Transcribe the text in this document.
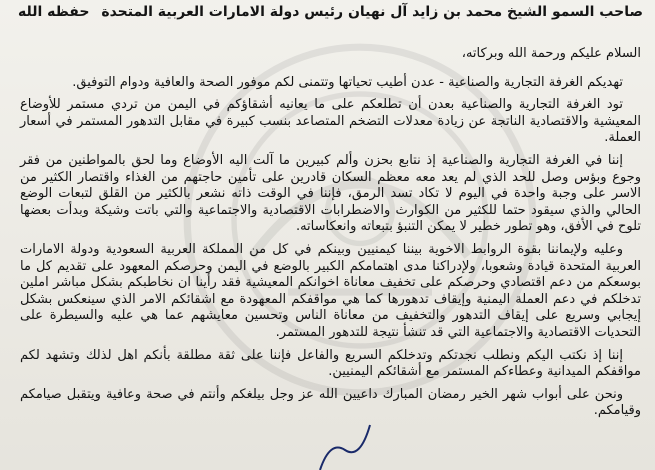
صاحب السمو الشيخ محمد بن زايد آل نهيان رئيس دولة الامارات العربية المتحدة
حفظه الله

السلام عليكم ورحمة الله وبركاته،

تهديكم الغرفة التجارية والصناعية - عدن أطيب تحياتها وتتمنى لكم موفور الصحة والعافية ودوام التوفيق.

تود الغرفة التجارية والصناعية بعدن أن تطلعكم على ما يعانيه أشقاؤكم في اليمن من تردي مستمر للأوضاع المعيشية والاقتصادية الناتجة عن زيادة معدلات التضخم المتصاعد بنسب كبيرة في مقابل التدهور المستمر في أسعار العملة.

إننا في الغرفة التجارية والصناعية إذ نتابع بحزن وألم كبيرين ما آلت اليه الأوضاع وما لحق بالمواطنين من فقر وجوع وبؤس وصل للحد الذي لم يعد معه معظم السكان قادرين على تأمين حاجتهم من الغذاء واقتصار الكثير من الاسر على وجبة واحدة في اليوم لا تكاد تسد الرمق، فإننا في الوقت ذاته نشعر بالكثير من القلق لتبعات الوضع الحالي والذي سيقود حتما للكثير من الكوارث والاضطرابات الاقتصادية والاجتماعية والتي باتت وشيكة وبدأت بعضها تلوح في الأفق، وهو تطور خطير لا يمكن التنبؤ بتبعاته وانعكاساته.

وعليه ولإيماننا بقوة الروابط الاخوية بيننا كيمنيين وبينكم في كل من المملكة العربية السعودية ودولة الامارات العربية المتحدة قيادة وشعوبا، ولإدراكنا مدى اهتمامكم الكبير بالوضع في اليمن وحرصكم المعهود على تقديم كل ما بوسعكم من دعم اقتصادي وحرصكم على تخفيف معاناة اخوانكم المعيشية فقد رأينا ان نخاطبكم بشكل مباشر املين تدخلكم في دعم العملة اليمنية وإيقاف تدهورها كما هي مواقفكم المعهودة مع اشقائكم الامر الذي سينعكس بشكل إيجابي وسريع على إيقاف التدهور والتخفيف من معاناة الناس وتحسين معايشهم عما هي عليه والسيطرة على التحديات الاقتصادية والاجتماعية التي قد تنشأ نتيجة للتدهور المستمر.

إننا إذ نكتب اليكم ونطلب نجدتكم وتدخلكم السريع والفاعل فإننا على ثقة مطلقة بأنكم اهل لذلك وتشهد لكم مواقفكم الميدانية وعطاءكم المستمر مع أشقائكم اليمنيين.

ونحن على أبواب شهر الخير رمضان المبارك داعيين الله عز وجل بيلغكم وأنتم في صحة وعافية ويتقبل صيامكم وقيامكم.
